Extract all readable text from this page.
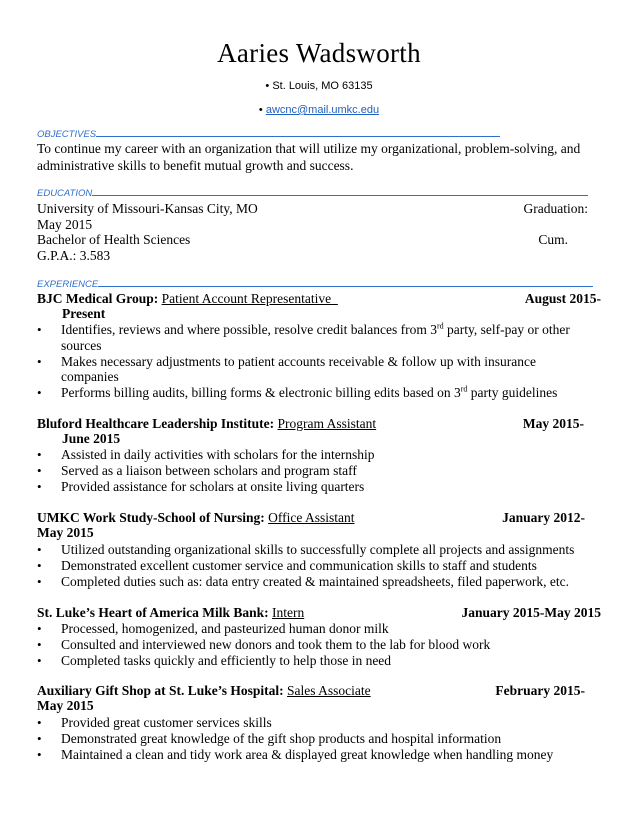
Aaries Wadsworth
• St. Louis, MO 63135
• awcnc@mail.umkc.edu
OBJECTIVES
To continue my career with an organization that will utilize my organizational, problem-solving, and
administrative skills to benefit mutual growth and success.
EDUCATION
University of Missouri-Kansas City, MO	Graduation:
May 2015
Bachelor of Health Sciences	Cum.
G.P.A.: 3.583
EXPERIENCE
BJC Medical Group: Patient Account Representative	August 2015-
Present
• Identifies, reviews and where possible, resolve credit balances from 3rd party, self-pay or other
sources
• Makes necessary adjustments to patient accounts receivable & follow up with insurance
companies
• Performs billing audits, billing forms & electronic billing edits based on 3rd party guidelines
Bluford Healthcare Leadership Institute: Program Assistant	May 2015-
June 2015
• Assisted in daily activities with scholars for the internship
• Served as a liaison between scholars and program staff
• Provided assistance for scholars at onsite living quarters
UMKC Work Study-School of Nursing: Office Assistant	January 2012-
May 2015
• Utilized outstanding organizational skills to successfully complete all projects and assignments
• Demonstrated excellent customer service and communication skills to staff and students
• Completed duties such as: data entry created & maintained spreadsheets, filed paperwork, etc.
St. Luke’s Heart of America Milk Bank: Intern	January 2015-May 2015
• Processed, homogenized, and pasteurized human donor milk
• Consulted and interviewed new donors and took them to the lab for blood work
• Completed tasks quickly and efficiently to help those in need
Auxiliary Gift Shop at St. Luke’s Hospital: Sales Associate	February 2015-
May 2015
• Provided great customer services skills
• Demonstrated great knowledge of the gift shop products and hospital information
• Maintained a clean and tidy work area & displayed great knowledge when handling money
